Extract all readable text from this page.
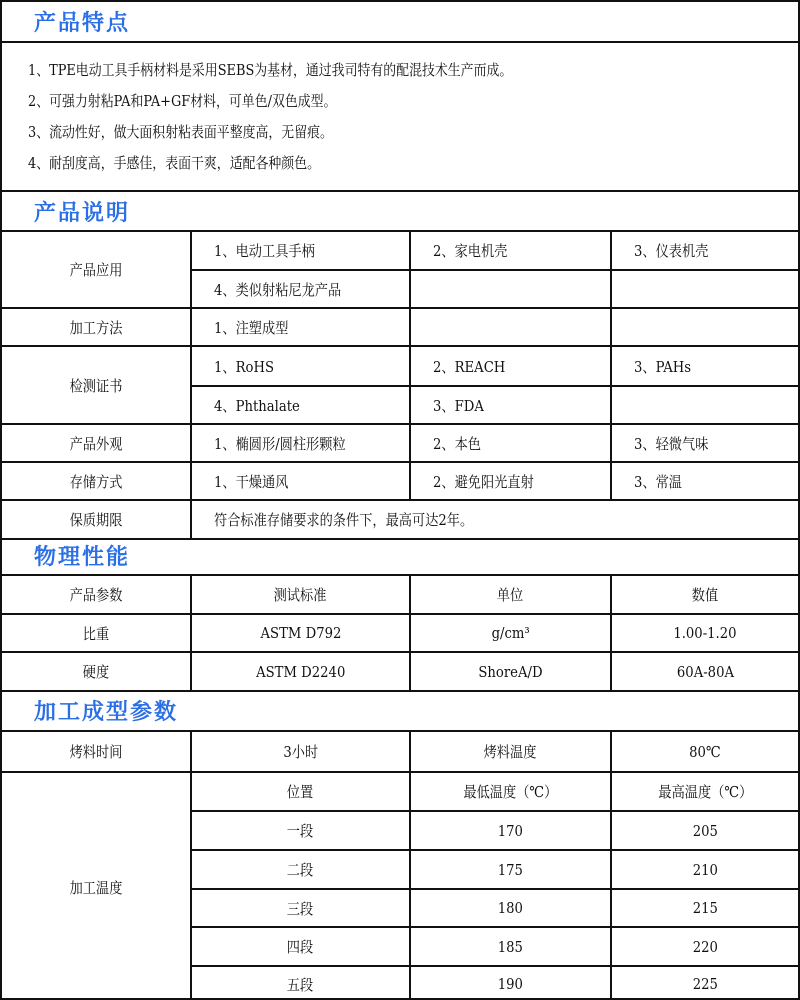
产品特点
1、TPE电动工具手柄材料是采用SEBS为基材，通过我司特有的配混技术生产而成。
2、可强力射粘PA和PA+GF材料，可单色/双色成型。
3、流动性好，做大面积射粘表面平整度高，无留痕。
4、耐刮度高，手感佳，表面干爽，适配各种颜色。
产品说明
产品应用	1、电动工具手柄	2、家电机壳	3、仪表机壳
	4、类似射粘尼龙产品		
加工方法	1、注塑成型		
检测证书	1、RoHS	2、REACH	3、PAHs
	4、Phthalate	3、FDA	
产品外观	1、椭圆形/圆柱形颗粒	2、本色	3、轻微气味
存储方式	1、干燥通风	2、避免阳光直射	3、常温
保质期限	符合标准存储要求的条件下，最高可达2年。		
物理性能
产品参数	测试标准	单位	数值
比重	ASTM D792	g/cm³	1.00-1.20
硬度	ASTM D2240	ShoreA/D	60A-80A
加工成型参数
烤料时间	3小时	烤料温度	80℃
加工温度	位置	最低温度（℃）	最高温度（℃）
	一段	170	205
	二段	175	210
	三段	180	215
	四段	185	220
	五段	190	225
